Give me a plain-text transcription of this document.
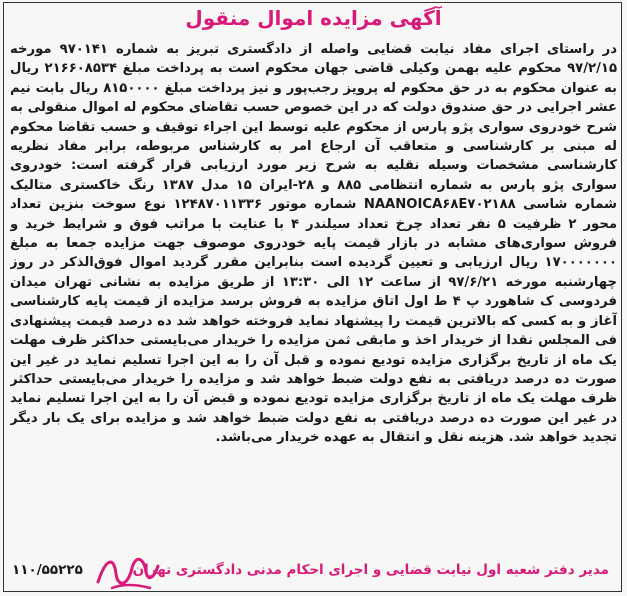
آگهی مزایده اموال منقول
در راستای اجرای مفاد نیابت قضایی واصله از دادگستری تبریز به شماره ۹۷۰۱۴۱ مورخه ۹۷/۲/۱۵ محکوم علیه بهمن وکیلی قاضی جهان محکوم است به پرداخت مبلغ ۲۱۶۶۰۸۵۳۴ ریال به عنوان محکوم به در حق محکوم له پرویز رجب‌پور و نیز پرداخت مبلغ ۸۱۵۰۰۰۰ ریال بابت نیم عشر اجرایی در حق صندوق دولت که در این خصوص حسب تقاضای محکوم له اموال منقولی به شرح خودروی سواری پژو پارس از محکوم علیه توسط این اجراء توقیف و حسب تقاضا محکوم له مبنی بر کارشناسی و متعاقب آن ارجاع امر به کارشناس مربوطه، برابر مفاد نظریه کارشناسی مشخصات وسیله نقلیه به شرح زیر مورد ارزیابی قرار گرفته است: خودروی سواری پژو پارس به شماره انتظامی ۸۸۵ و ۲۸-ایران ۱۵ مدل ۱۳۸۷ رنگ خاکستری متالیک شماره شاسی NAANOICA۶۸E۷۰۲۱۸۸ شماره موتور ۱۲۴۸۷۰۱۱۳۳۶ نوع سوخت بنزین تعداد محور ۲ ظرفیت ۵ نفر تعداد چرخ تعداد سیلندر ۴ با عنایت با مراتب فوق و شرایط خرید و فروش سواری‌های مشابه در بازار قیمت پایه خودروی موصوف جهت مزایده جمعا به مبلغ ۱۷۰۰۰۰۰۰۰ ریال ارزیابی و تعیین گردیده است بنابراین مقرر گردید اموال فوق‌الذکر در روز چهارشنبه مورخه ۹۷/۶/۲۱ از ساعت ۱۲ الی ۱۳:۳۰ از طریق مزایده به نشانی تهران میدان فردوسی ک شاهورد پ ۴ ط اول اتاق مزایده به فروش برسد مزایده از قیمت پایه کارشناسی آغاز و به کسی که بالاترین قیمت را پیشنهاد نماید فروخته خواهد شد ده درصد قیمت پیشنهادی فی المجلس نقدا از خریدار اخذ و مابقی ثمن مزایده را خریدار می‌بایستی حداکثر ظرف مهلت یک ماه از تاریخ برگزاری مزایده تودیع نموده و قبل آن را به این اجرا تسلیم نماید در غیر این صورت ده درصد دریافتی به نفع دولت ضبط خواهد شد و مزایده را خریدار می‌بایستی حداکثر ظرف مهلت یک ماه از تاریخ برگزاری مزایده تودیع نموده و قبض آن را به این اجرا تسلیم نماید در غیر این صورت ده درصد دریافتی به نفع دولت ضبط خواهد شد و مزایده برای یک بار دیگر تجدید خواهد شد. هزینه نقل و انتقال به عهده خریدار می‌باشد.
۱۱۰/۵۵۲۲۵	مدیر دفتر شعبه اول نیابت قضایی و اجرای احکام مدنی دادگستری تهران
